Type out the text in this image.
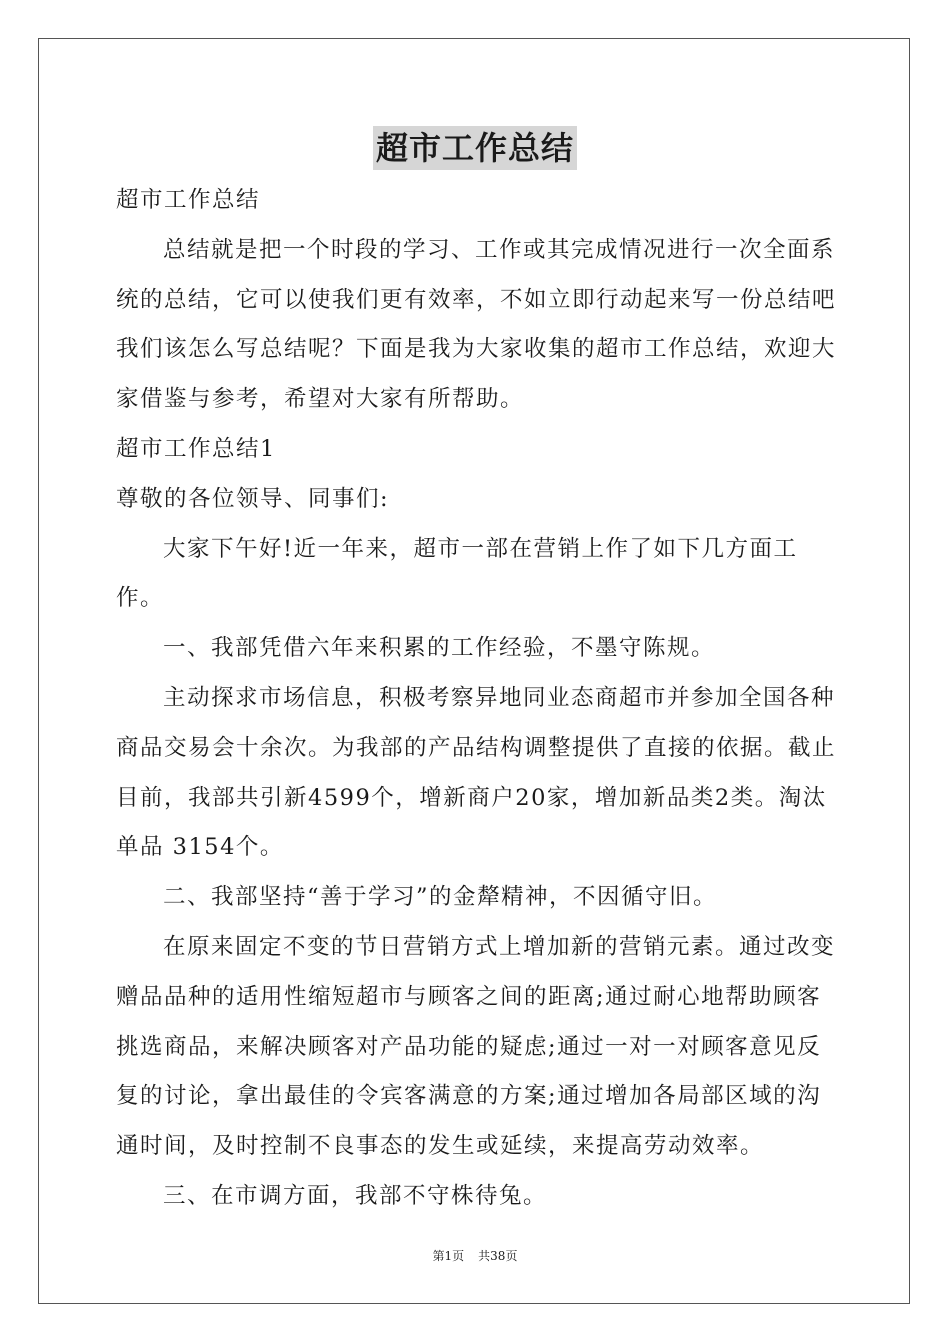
超市工作总结

超市工作总结

总结就是把一个时段的学习、工作或其完成情况进行一次全面系统的总结，它可以使我们更有效率，不如立即行动起来写一份总结吧我们该怎么写总结呢？下面是我为大家收集的超市工作总结，欢迎大家借鉴与参考，希望对大家有所帮助。

超市工作总结1

尊敬的各位领导、同事们:

大家下午好!近一年来，超市一部在营销上作了如下几方面工作。

一、我部凭借六年来积累的工作经验，不墨守陈规。

主动探求市场信息，积极考察异地同业态商超市并参加全国各种商品交易会十余次。为我部的产品结构调整提供了直接的依据。截止目前，我部共引新4599个，增新商户20家，增加新品类2类。淘汰单品 3154个。

二、我部坚持“善于学习”的金犛精神，不因循守旧。

在原来固定不变的节日营销方式上增加新的营销元素。通过改变赠品品种的适用性缩短超市与顾客之间的距离;通过耐心地帮助顾客挑选商品，来解决顾客对产品功能的疑虑;通过一对一对顾客意见反复的讨论，拿出最佳的令宾客满意的方案;通过增加各局部区域的沟通时间，及时控制不良事态的发生或延续，来提高劳动效率。

三、在市调方面，我部不守株待兔。

第1页 共38页
